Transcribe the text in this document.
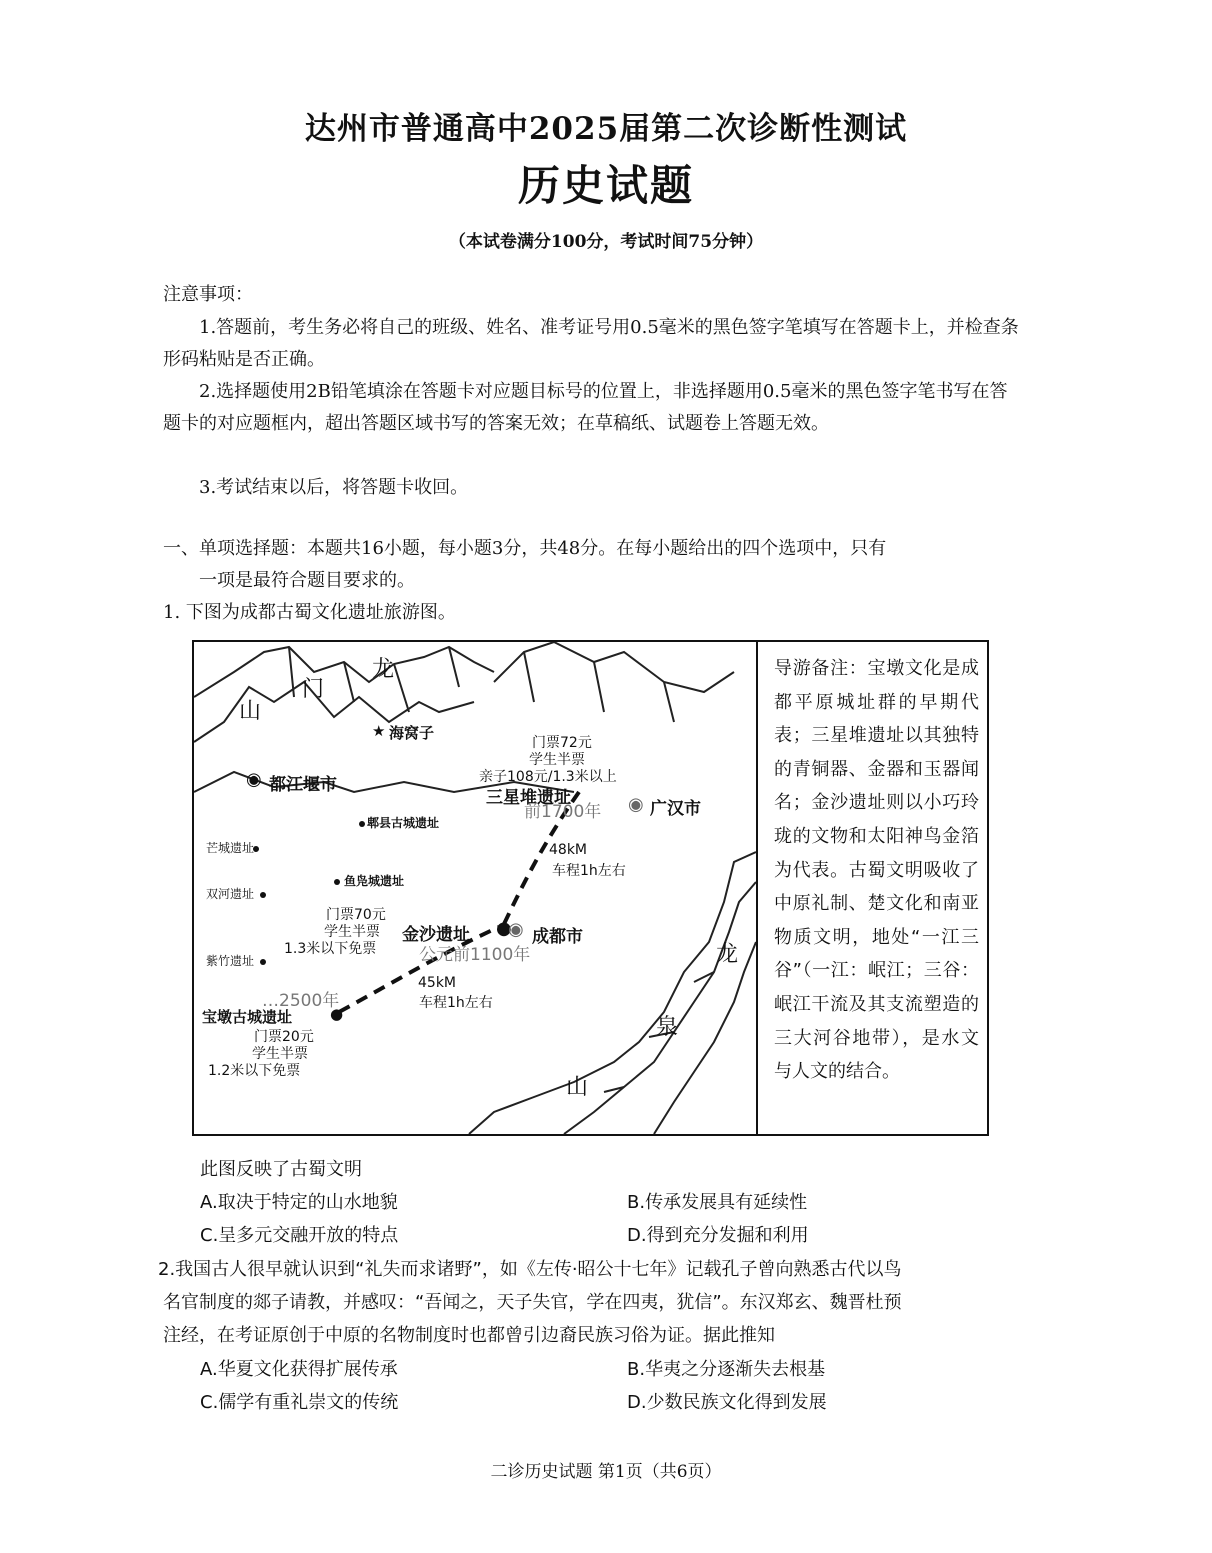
达州市普通高中2025届第二次诊断性测试
历史试题
（本试卷满分100分，考试时间75分钟）
注意事项：
1.答题前，考生务必将自己的班级、姓名、准考证号用0.5毫米的黑色签字笔填写在答题卡上，并检查条形码粘贴是否正确。
2.选择题使用2B铅笔填涂在答题卡对应题目标号的位置上，非选择题用0.5毫米的黑色签字笔书写在答题卡的对应题框内，超出答题区域书写的答案无效；在草稿纸、试题卷上答题无效。
3.考试结束以后，将答题卡收回。
一、单项选择题：本题共16小题，每小题3分，共48分。在每小题给出的四个选项中，只有
一项是最符合题目要求的。
1. 下图为成都古蜀文化遗址旅游图。
龙
门
山
龙
泉
山
★ 海窝子
◉ 都江堰市
门票72元
学生半票
亲子108元/1.3米以上
三星堆遗址
前1700年 ◉ 广汉市
郫县古城遗址
芒城遗址
鱼凫城遗址
双河遗址
紫竹遗址
48kM
车程1h左右
门票70元
学生半票
1.3米以下免票
金沙遗址
公元前1100年
●
◉ 成都市
45kM
车程1h左右
…2500年
宝墩古城遗址	●
门票20元
学生半票
1.2米以下免票
导游备注：宝墩文化是成都平原城址群的早期代表；三星堆遗址以其独特的青铜器、金器和玉器闻名；金沙遗址则以小巧玲珑的文物和太阳神鸟金箔为代表。古蜀文明吸收了中原礼制、楚文化和南亚物质文明，地处“一江三谷”（一江：岷江；三谷：岷江干流及其支流塑造的三大河谷地带），是水文与人文的结合。
此图反映了古蜀文明
A.取决于特定的山水地貌	B.传承发展具有延续性
C.呈多元交融开放的特点	D.得到充分发掘和利用
2.我国古人很早就认识到“礼失而求诸野”，如《左传·昭公十七年》记载孔子曾向熟悉古代以鸟
名官制度的郯子请教，并感叹：“吾闻之，天子失官，学在四夷，犹信”。东汉郑玄、魏晋杜预
注经，在考证原创于中原的名物制度时也都曾引边裔民族习俗为证。据此推知
A.华夏文化获得扩展传承	B.华夷之分逐渐失去根基
C.儒学有重礼崇文的传统	D.少数民族文化得到发展
二诊历史试题 第1页（共6页）
